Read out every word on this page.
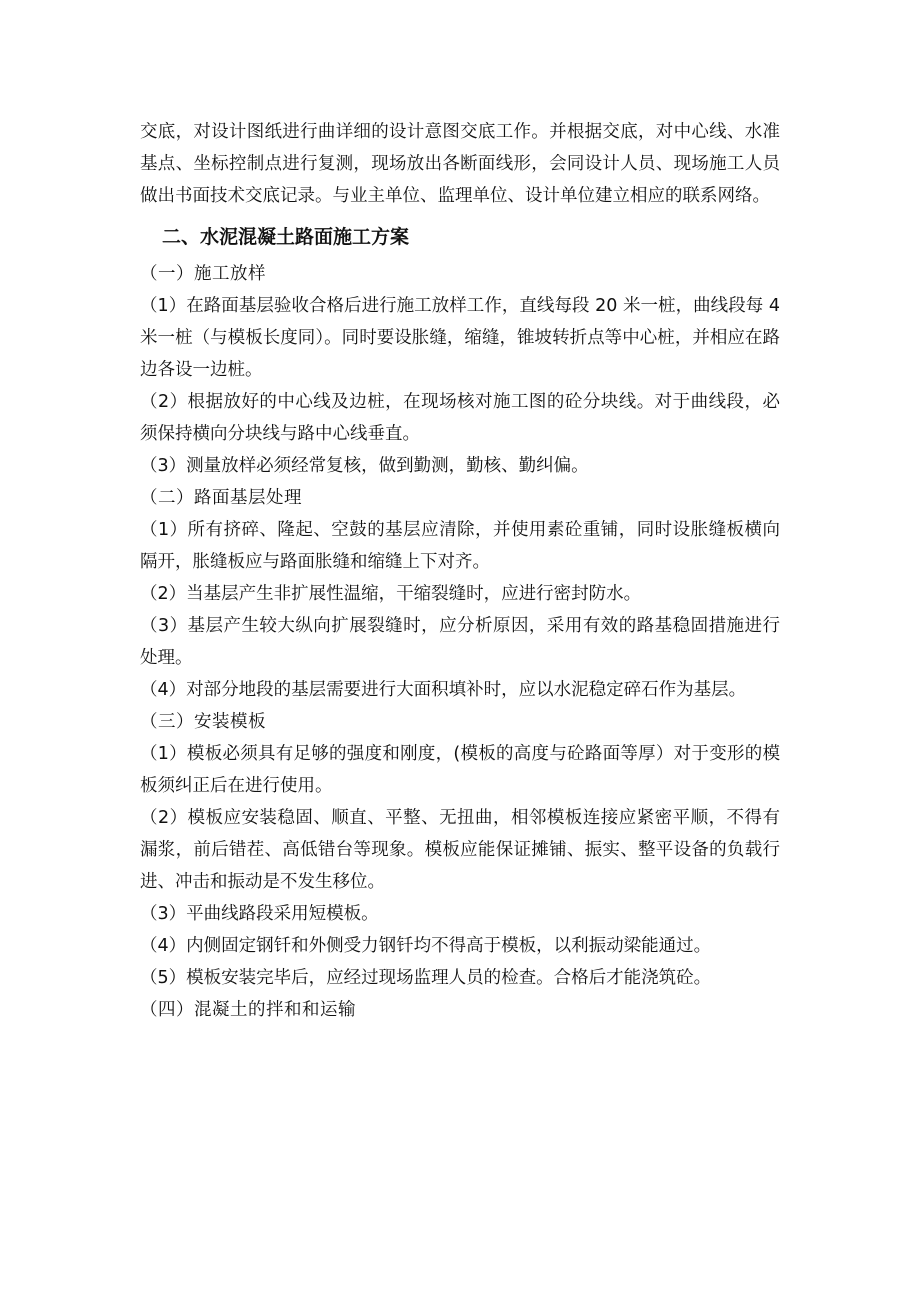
交底，对设计图纸进行曲详细的设计意图交底工作。并根据交底，对中心线、水准基点、坐标控制点进行复测，现场放出各断面线形，会同设计人员、现场施工人员做出书面技术交底记录。与业主单位、监理单位、设计单位建立相应的联系网络。

二、水泥混凝土路面施工方案

（一）施工放样

（1）在路面基层验收合格后进行施工放样工作，直线每段 20 米一桩，曲线段每 4 米一桩（与模板长度同）。同时要设胀缝，缩缝，锥坡转折点等中心桩，并相应在路边各设一边桩。

（2）根据放好的中心线及边桩，在现场核对施工图的砼分块线。对于曲线段，必须保持横向分块线与路中心线垂直。

（3）测量放样必须经常复核，做到勤测，勤核、勤纠偏。

（二）路面基层处理

（1）所有挤碎、隆起、空鼓的基层应清除，并使用素砼重铺，同时设胀缝板横向隔开，胀缝板应与路面胀缝和缩缝上下对齐。

（2）当基层产生非扩展性温缩，干缩裂缝时，应进行密封防水。

（3）基层产生较大纵向扩展裂缝时，应分析原因，采用有效的路基稳固措施进行处理。

（4）对部分地段的基层需要进行大面积填补时，应以水泥稳定碎石作为基层。

（三）安装模板

（1）模板必须具有足够的强度和刚度，(模板的高度与砼路面等厚）对于变形的模板须纠正后在进行使用。

（2）模板应安装稳固、顺直、平整、无扭曲，相邻模板连接应紧密平顺，不得有漏浆，前后错茬、高低错台等现象。模板应能保证摊铺、振实、整平设备的负载行进、冲击和振动是不发生移位。

（3）平曲线路段采用短模板。

（4）内侧固定钢钎和外侧受力钢钎均不得高于模板，以利振动梁能通过。

（5）模板安装完毕后，应经过现场监理人员的检查。合格后才能浇筑砼。

（四）混凝土的拌和和运输
